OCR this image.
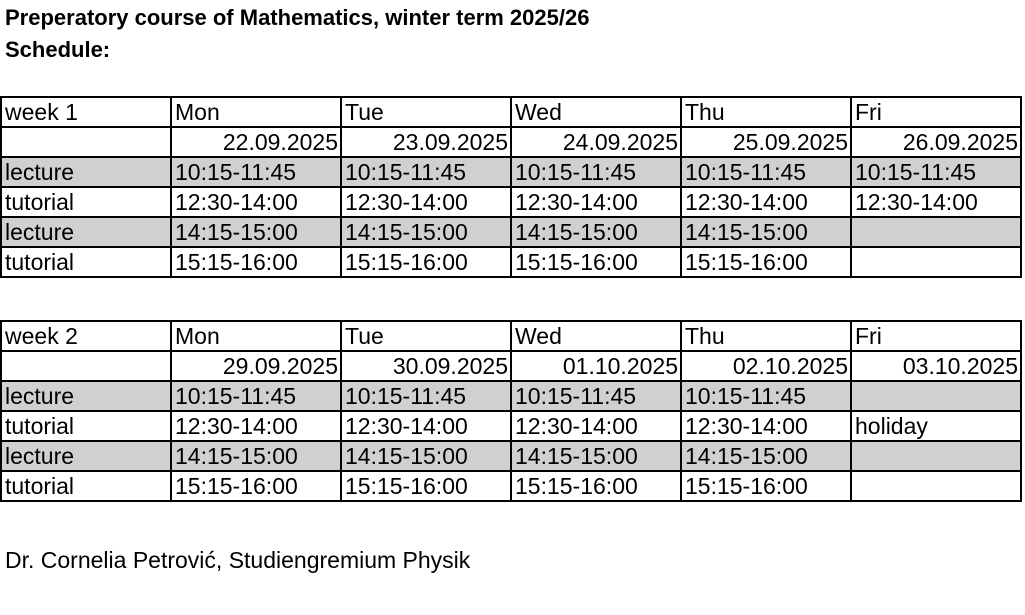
Preperatory course of Mathematics, winter term 2025/26
Schedule:
week 1	Mon	Tue	Wed	Thu	Fri
	22.09.2025	23.09.2025	24.09.2025	25.09.2025	26.09.2025
lecture	10:15-11:45	10:15-11:45	10:15-11:45	10:15-11:45	10:15-11:45
tutorial	12:30-14:00	12:30-14:00	12:30-14:00	12:30-14:00	12:30-14:00
lecture	14:15-15:00	14:15-15:00	14:15-15:00	14:15-15:00	
tutorial	15:15-16:00	15:15-16:00	15:15-16:00	15:15-16:00	
week 2	Mon	Tue	Wed	Thu	Fri
	29.09.2025	30.09.2025	01.10.2025	02.10.2025	03.10.2025
lecture	10:15-11:45	10:15-11:45	10:15-11:45	10:15-11:45	
tutorial	12:30-14:00	12:30-14:00	12:30-14:00	12:30-14:00	holiday
lecture	14:15-15:00	14:15-15:00	14:15-15:00	14:15-15:00	
tutorial	15:15-16:00	15:15-16:00	15:15-16:00	15:15-16:00	
Dr. Cornelia Petrović, Studiengremium Physik
